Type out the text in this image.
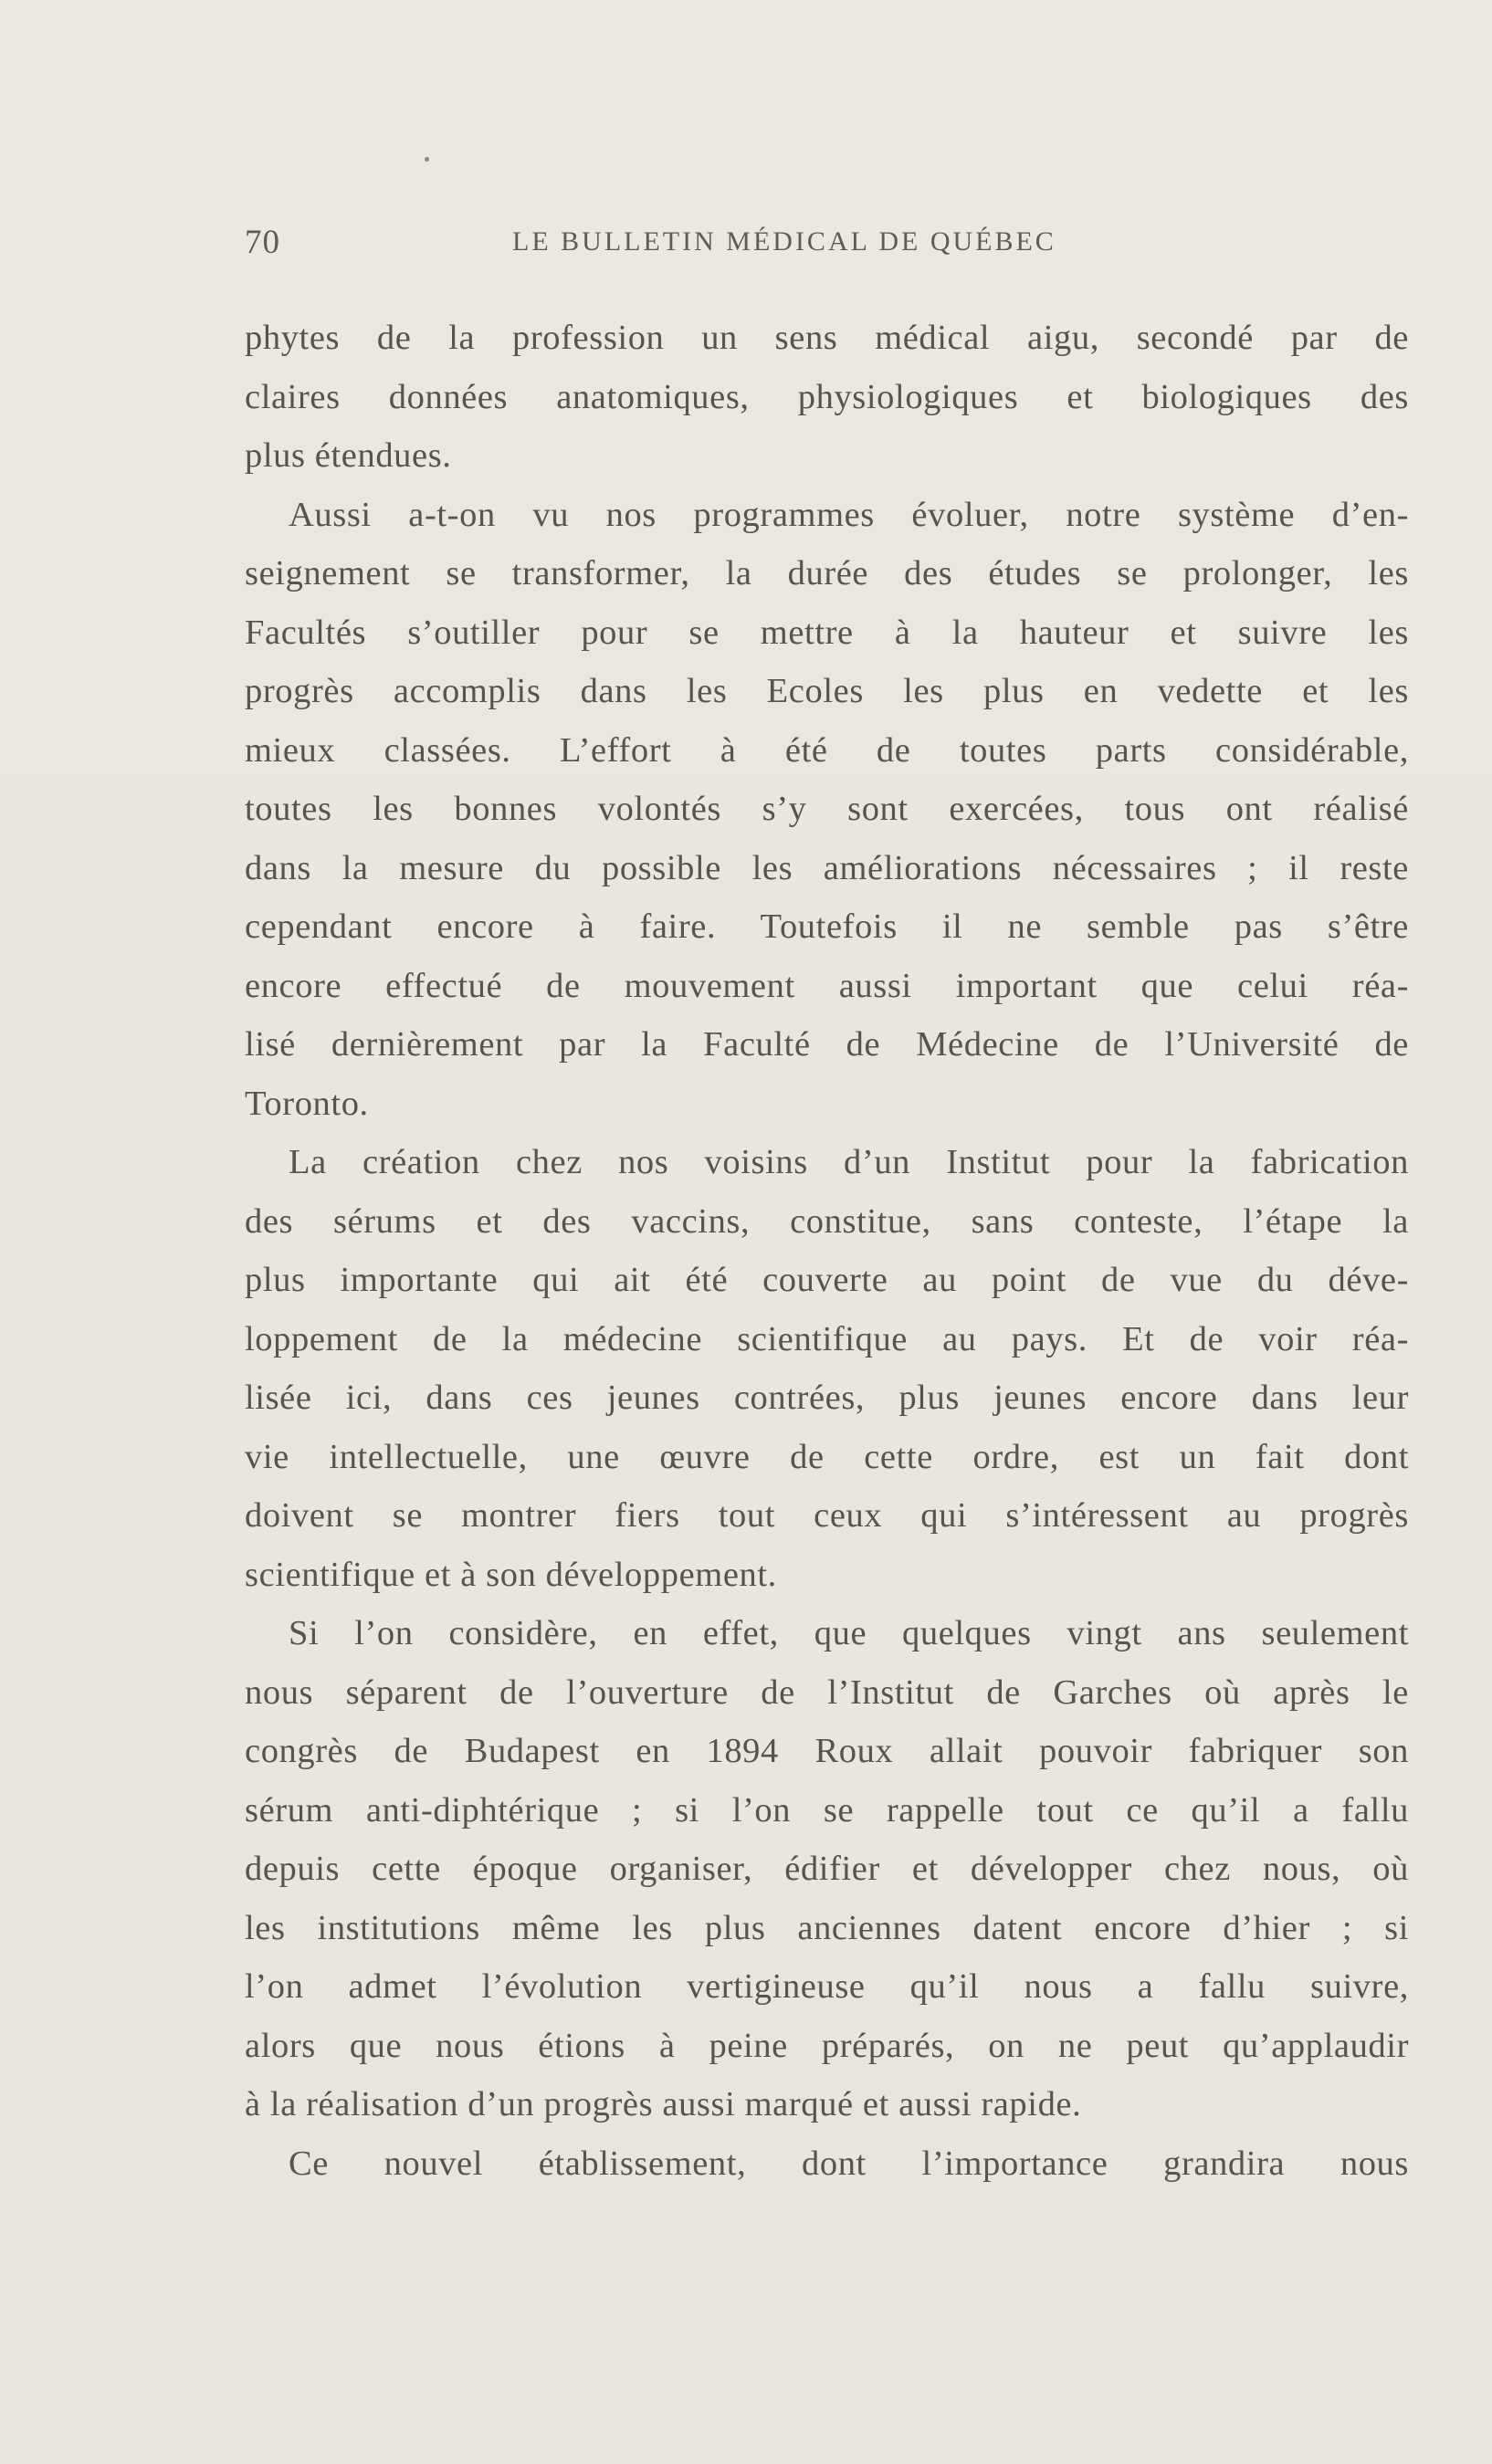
70	LE BULLETIN MÉDICAL DE QUÉBEC
phytes de la profession un sens médical aigu, secondé par de
claires données anatomiques, physiologiques et biologiques des
plus étendues.
Aussi a-t-on vu nos programmes évoluer, notre système d’en-
seignement se transformer, la durée des études se prolonger, les
Facultés s’outiller pour se mettre à la hauteur et suivre les
progrès accomplis dans les Ecoles les plus en vedette et les
mieux classées. L’effort à été de toutes parts considérable,
toutes les bonnes volontés s’y sont exercées, tous ont réalisé
dans la mesure du possible les améliorations nécessaires ; il reste
cependant encore à faire. Toutefois il ne semble pas s’être
encore effectué de mouvement aussi important que celui réa-
lisé dernièrement par la Faculté de Médecine de l’Université de
Toronto.
La création chez nos voisins d’un Institut pour la fabrication
des sérums et des vaccins, constitue, sans conteste, l’étape la
plus importante qui ait été couverte au point de vue du déve-
loppement de la médecine scientifique au pays. Et de voir réa-
lisée ici, dans ces jeunes contrées, plus jeunes encore dans leur
vie intellectuelle, une œuvre de cette ordre, est un fait dont
doivent se montrer fiers tout ceux qui s’intéressent au progrès
scientifique et à son développement.
Si l’on considère, en effet, que quelques vingt ans seulement
nous séparent de l’ouverture de l’Institut de Garches où après le
congrès de Budapest en 1894 Roux allait pouvoir fabriquer son
sérum anti-diphtérique ; si l’on se rappelle tout ce qu’il a fallu
depuis cette époque organiser, édifier et développer chez nous, où
les institutions même les plus anciennes datent encore d’hier ; si
l’on admet l’évolution vertigineuse qu’il nous a fallu suivre,
alors que nous étions à peine préparés, on ne peut qu’applaudir
à la réalisation d’un progrès aussi marqué et aussi rapide.
Ce nouvel établissement, dont l’importance grandira nous
